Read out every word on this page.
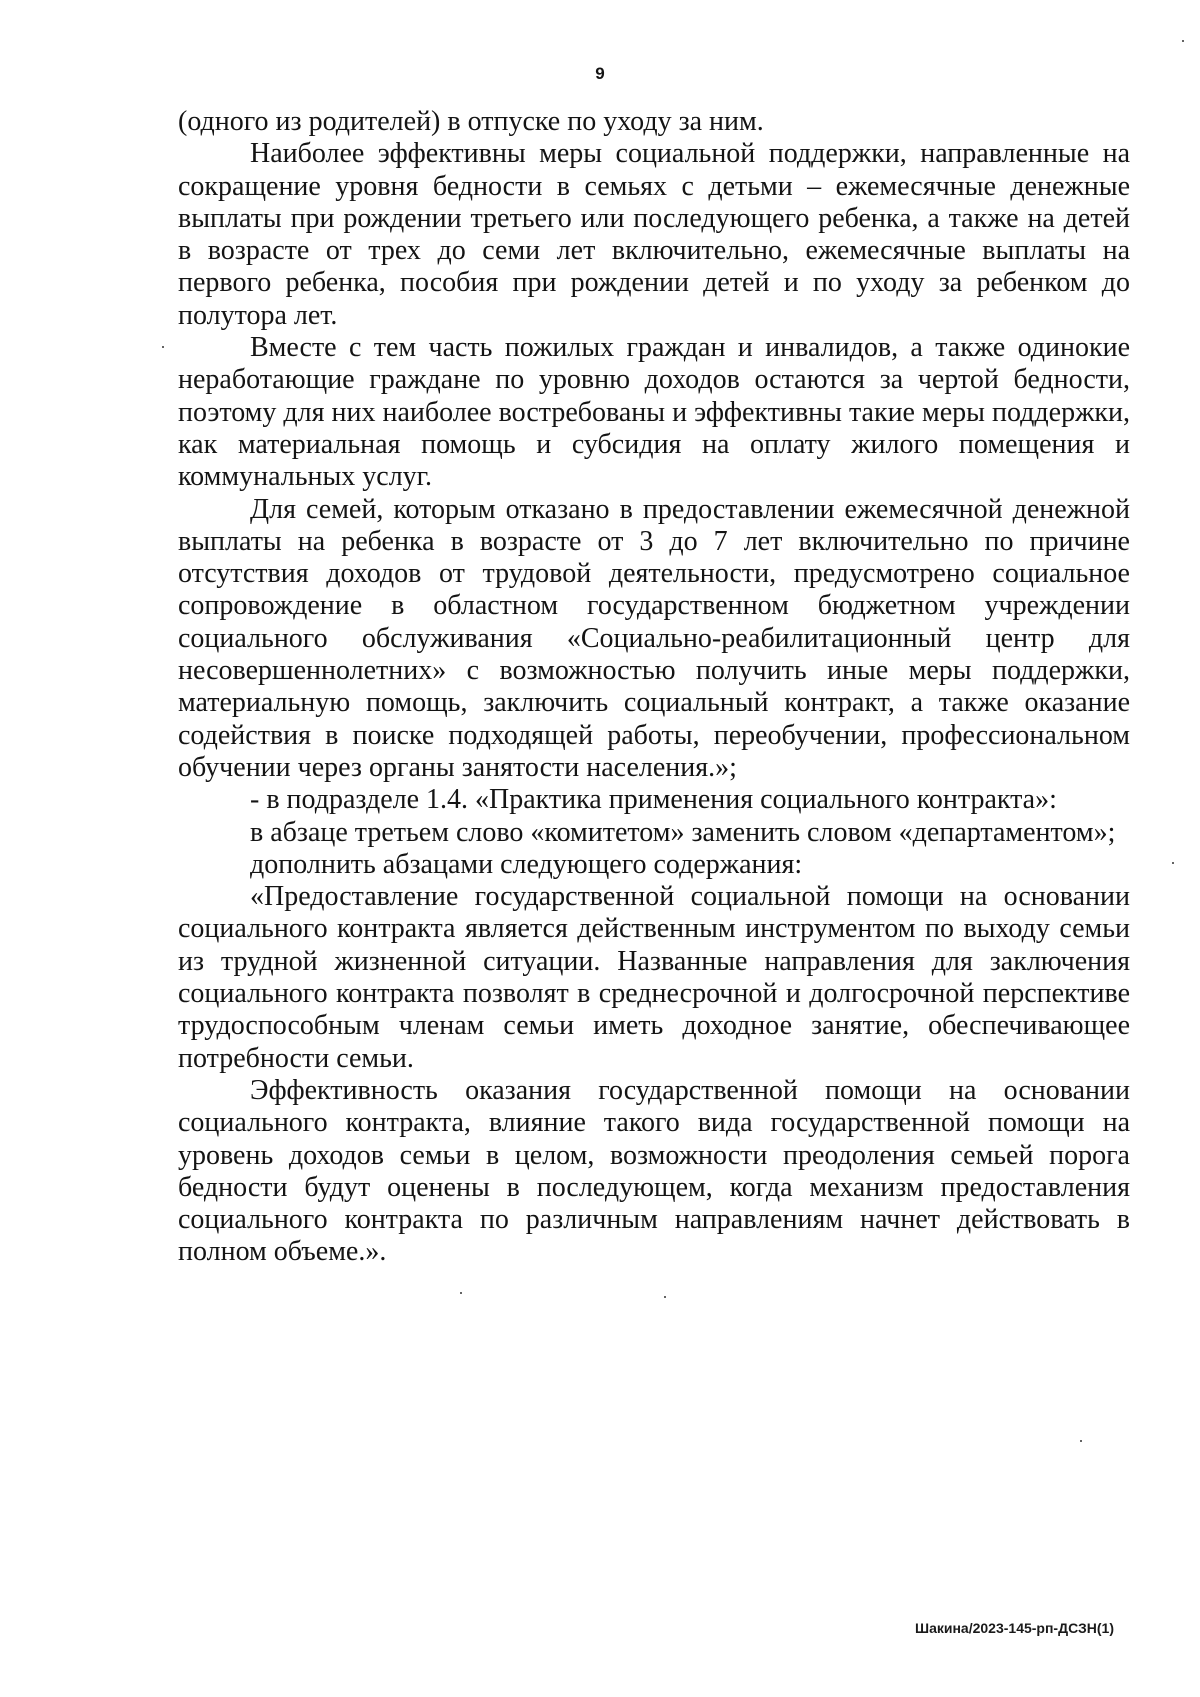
9

(одного из родителей) в отпуске по уходу за ним.

Наиболее эффективны меры социальной поддержки, направленные на сокращение уровня бедности в семьях с детьми – ежемесячные денежные выплаты при рождении третьего или последующего ребенка, а также на детей в возрасте от трех до семи лет включительно, ежемесячные выплаты на первого ребенка, пособия при рождении детей и по уходу за ребенком до полутора лет.

Вместе с тем часть пожилых граждан и инвалидов, а также одинокие неработающие граждане по уровню доходов остаются за чертой бедности, поэтому для них наиболее востребованы и эффективны такие меры поддержки, как материальная помощь и субсидия на оплату жилого помещения и коммунальных услуг.

Для семей, которым отказано в предоставлении ежемесячной денежной выплаты на ребенка в возрасте от 3 до 7 лет включительно по причине отсутствия доходов от трудовой деятельности, предусмотрено социальное сопровождение в областном государственном бюджетном учреждении социального обслуживания «Социально-реабилитационный центр для несовершеннолетних» с возможностью получить иные меры поддержки, материальную помощь, заключить социальный контракт, а также оказание содействия в поиске подходящей работы, переобучении, профессиональном обучении через органы занятости населения.»;

- в подразделе 1.4. «Практика применения социального контракта»:

в абзаце третьем слово «комитетом» заменить словом «департаментом»;

дополнить абзацами следующего содержания:

«Предоставление государственной социальной помощи на основании социального контракта является действенным инструментом по выходу семьи из трудной жизненной ситуации. Названные направления для заключения социального контракта позволят в среднесрочной и долгосрочной перспективе трудоспособным членам семьи иметь доходное занятие, обеспечивающее потребности семьи.

Эффективность оказания государственной помощи на основании социального контракта, влияние такого вида государственной помощи на уровень доходов семьи в целом, возможности преодоления семьей порога бедности будут оценены в последующем, когда механизм предоставления социального контракта по различным направлениям начнет действовать в полном объеме.».

Шакина/2023-145-рп-ДСЗН(1)
